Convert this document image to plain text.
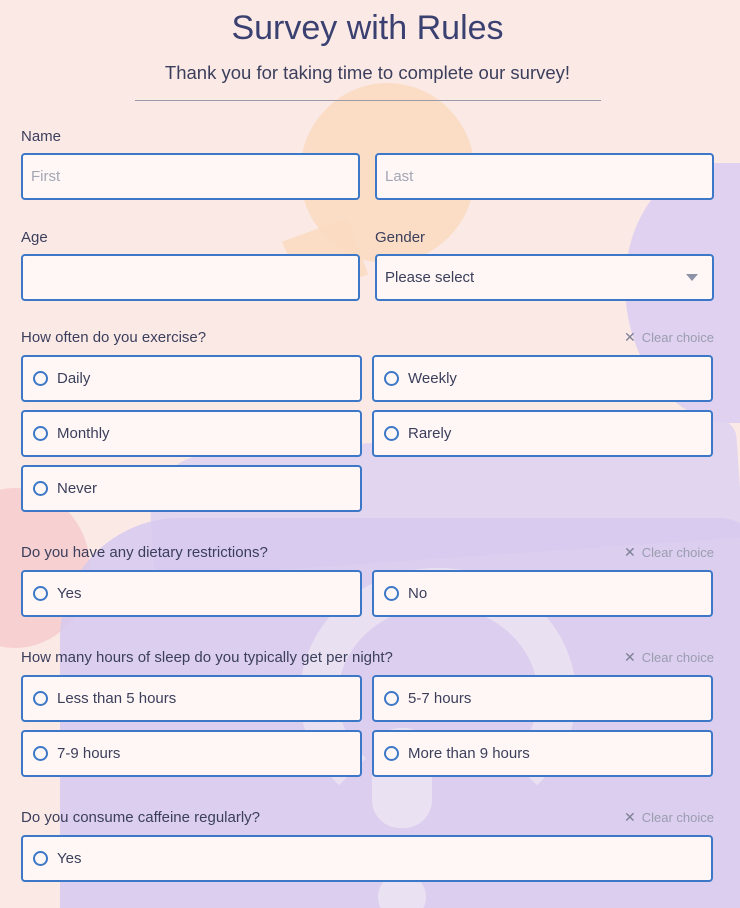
Survey with Rules
Thank you for taking time to complete our survey!
Name
First
Last
Age	Gender
Please select
How often do you exercise?	✕ Clear choice
Daily	Weekly
Monthly	Rarely
Never
Do you have any dietary restrictions?	✕ Clear choice
Yes	No
How many hours of sleep do you typically get per night?	✕ Clear choice
Less than 5 hours	5-7 hours
7-9 hours	More than 9 hours
Do you consume caffeine regularly?	✕ Clear choice
Yes
